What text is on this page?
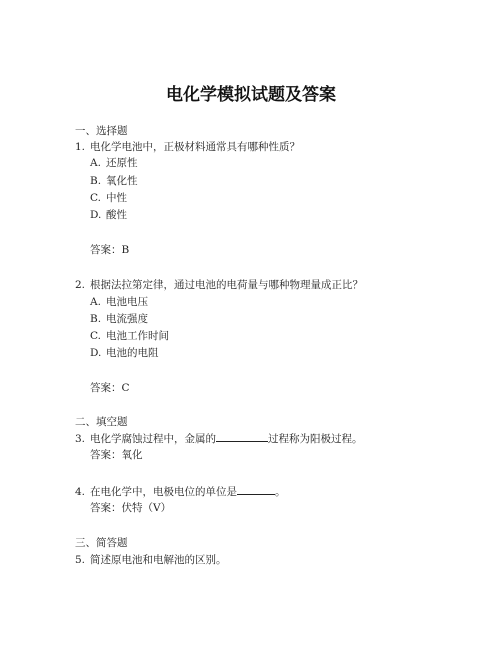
电化学模拟试题及答案
一、选择题
1. 电化学电池中，正极材料通常具有哪种性质？
A. 还原性
B. 氧化性
C. 中性
D. 酸性
答案：B
2. 根据法拉第定律，通过电池的电荷量与哪种物理量成正比？
A. 电池电压
B. 电流强度
C. 电池工作时间
D. 电池的电阻
答案：C
二、填空题
3. 电化学腐蚀过程中，金属的	过程称为阳极过程。
答案：氧化
4. 在电化学中，电极电位的单位是	。
答案：伏特（V）
三、简答题
5. 简述原电池和电解池的区别。
